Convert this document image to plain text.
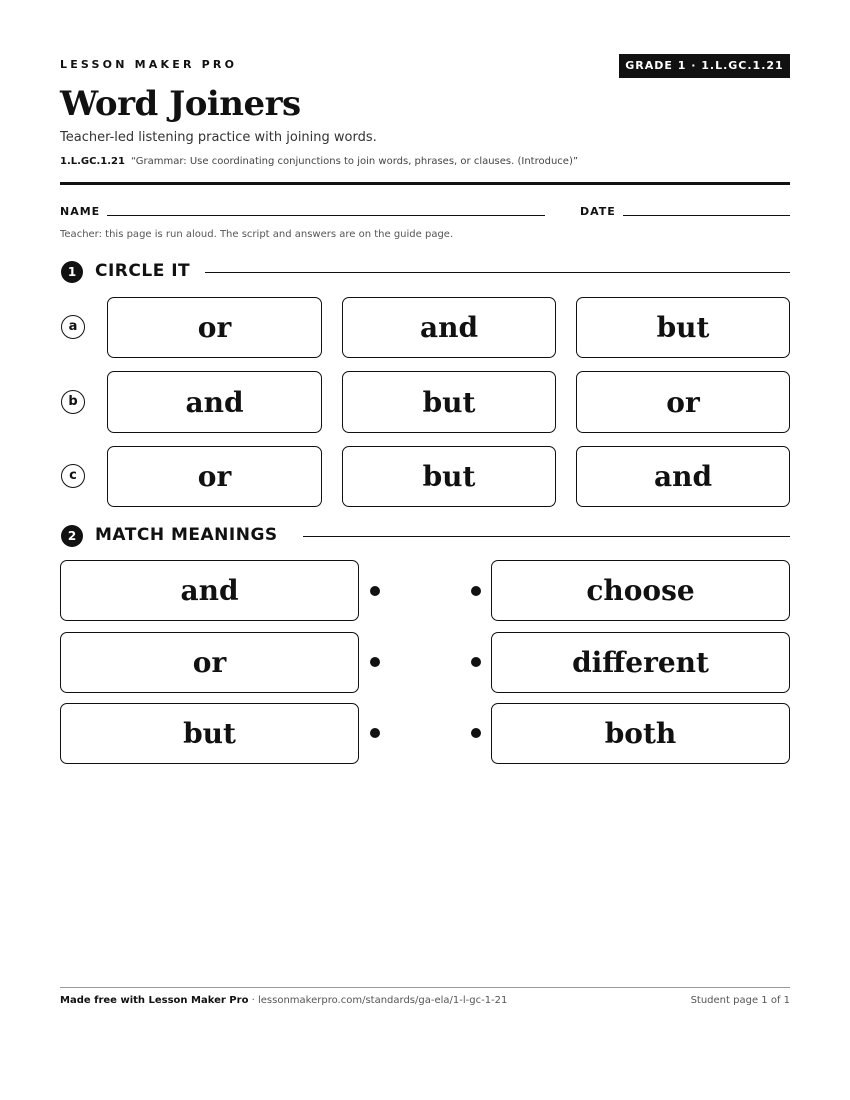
LESSON MAKER PRO	GRADE 1 · 1.L.GC.1.21
Word Joiners
Teacher-led listening practice with joining words.
1.L.GC.1.21 “Grammar: Use coordinating conjunctions to join words, phrases, or clauses. (Introduce)”
NAME	DATE
Teacher: this page is run aloud. The script and answers are on the guide page.
1	CIRCLE IT
a	or	and	but
b	and	but	or
c	or	but	and
2	MATCH MEANINGS
and	choose
or	different
but	both
Made free with Lesson Maker Pro · lessonmakerpro.com/standards/ga-ela/1-l-gc-1-21	Student page 1 of 1
